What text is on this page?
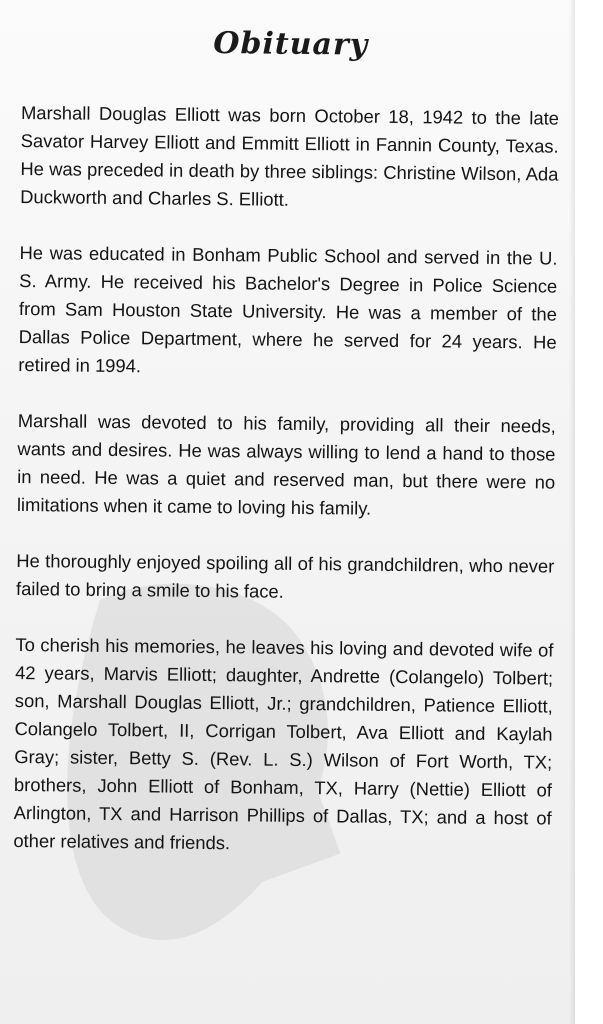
Obituary

Marshall Douglas Elliott was born October 18, 1942 to the late Savator Harvey Elliott and Emmitt Elliott in Fannin County, Texas. He was preceded in death by three siblings: Christine Wilson, Ada Duckworth and Charles S. Elliott.

He was educated in Bonham Public School and served in the U. S. Army. He received his Bachelor's Degree in Police Science from Sam Houston State University. He was a member of the Dallas Police Department, where he served for 24 years. He retired in 1994.

Marshall was devoted to his family, providing all their needs, wants and desires. He was always willing to lend a hand to those in need. He was a quiet and reserved man, but there were no limitations when it came to loving his family.

He thoroughly enjoyed spoiling all of his grandchildren, who never failed to bring a smile to his face.

To cherish his memories, he leaves his loving and devoted wife of 42 years, Marvis Elliott; daughter, Andrette (Colangelo) Tolbert; son, Marshall Douglas Elliott, Jr.; grandchildren, Patience Elliott, Colangelo Tolbert, II, Corrigan Tolbert, Ava Elliott and Kaylah Gray; sister, Betty S. (Rev. L. S.) Wilson of Fort Worth, TX; brothers, John Elliott of Bonham, TX, Harry (Nettie) Elliott of Arlington, TX and Harrison Phillips of Dallas, TX; and a host of other relatives and friends.
